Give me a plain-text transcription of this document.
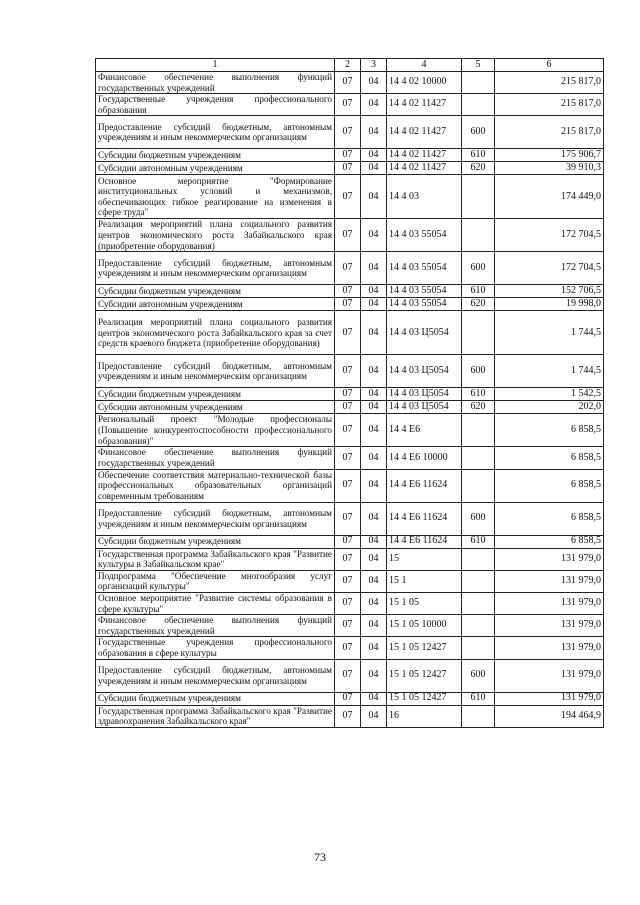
1	2	3	4	5	6
Финансовое обеспечение выполнения функций государственных учреждений	07	04	14 4 02 10000		215 817,0
Государственные учреждения профессионального образования	07	04	14 4 02 11427		215 817,0
Предоставление субсидий бюджетным, автономным учреждениям и иным некоммерческим организациям	07	04	14 4 02 11427	600	215 817,0
Субсидии бюджетным учреждениям	07	04	14 4 02 11427	610	175 906,7
Субсидии автономным учреждениям	07	04	14 4 02 11427	620	39 910,3
Основное мероприятие "Формирование институциональных условий и механизмов, обеспечивающих гибкое реагирование на изменения в сфере труда"	07	04	14 4 03		174 449,0
Реализация мероприятий плана социального развития центров экономического роста Забайкальского края (приобретение оборудования)	07	04	14 4 03 55054		172 704,5
Предоставление субсидий бюджетным, автономным учреждениям и иным некоммерческим организациям	07	04	14 4 03 55054	600	172 704,5
Субсидии бюджетным учреждениям	07	04	14 4 03 55054	610	152 706,5
Субсидии автономным учреждениям	07	04	14 4 03 55054	620	19 998,0
Реализация мероприятий плана социального развития центров экономического роста Забайкальского края за счет средств краевого бюджета (приобретение оборудования)	07	04	14 4 03 Ц5054		1 744,5
Предоставление субсидий бюджетным, автономным учреждениям и иным некоммерческим организациям	07	04	14 4 03 Ц5054	600	1 744,5
Субсидии бюджетным учреждениям	07	04	14 4 03 Ц5054	610	1 542,5
Субсидии автономным учреждениям	07	04	14 4 03 Ц5054	620	202,0
Региональный проект "Молодые профессионалы (Повышение конкурентоспособности профессионального образования)"	07	04	14 4 Е6		6 858,5
Финансовое обеспечение выполнения функций государственных учреждений	07	04	14 4 Е6 10000		6 858,5
Обеспечение соответствия материально-технической базы профессиональных образовательных организаций современным требованиям	07	04	14 4 Е6 11624		6 858,5
Предоставление субсидий бюджетным, автономным учреждениям и иным некоммерческим организациям	07	04	14 4 Е6 11624	600	6 858,5
Субсидии бюджетным учреждениям	07	04	14 4 Е6 11624	610	6 858,5
Государственная программа Забайкальского края "Развитие культуры в Забайкальском крае"	07	04	15		131 979,0
Подпрограмма "Обеспечение многообразия услуг организаций культуры"	07	04	15 1		131 979,0
Основное мероприятие "Развитие системы образования в сфере культуры"	07	04	15 1 05		131 979,0
Финансовое обеспечение выполнения функций государственных учреждений	07	04	15 1 05 10000		131 979,0
Государственные учреждения профессионального образования в сфере культуры	07	04	15 1 05 12427		131 979,0
Предоставление субсидий бюджетным, автономным учреждениям и иным некоммерческим организациям	07	04	15 1 05 12427	600	131 979,0
Субсидии бюджетным учреждениям	07	04	15 1 05 12427	610	131 979,0
Государственная программа Забайкальского края "Развитие здравоохранения Забайкальского края"	07	04	16		194 464,9
73
